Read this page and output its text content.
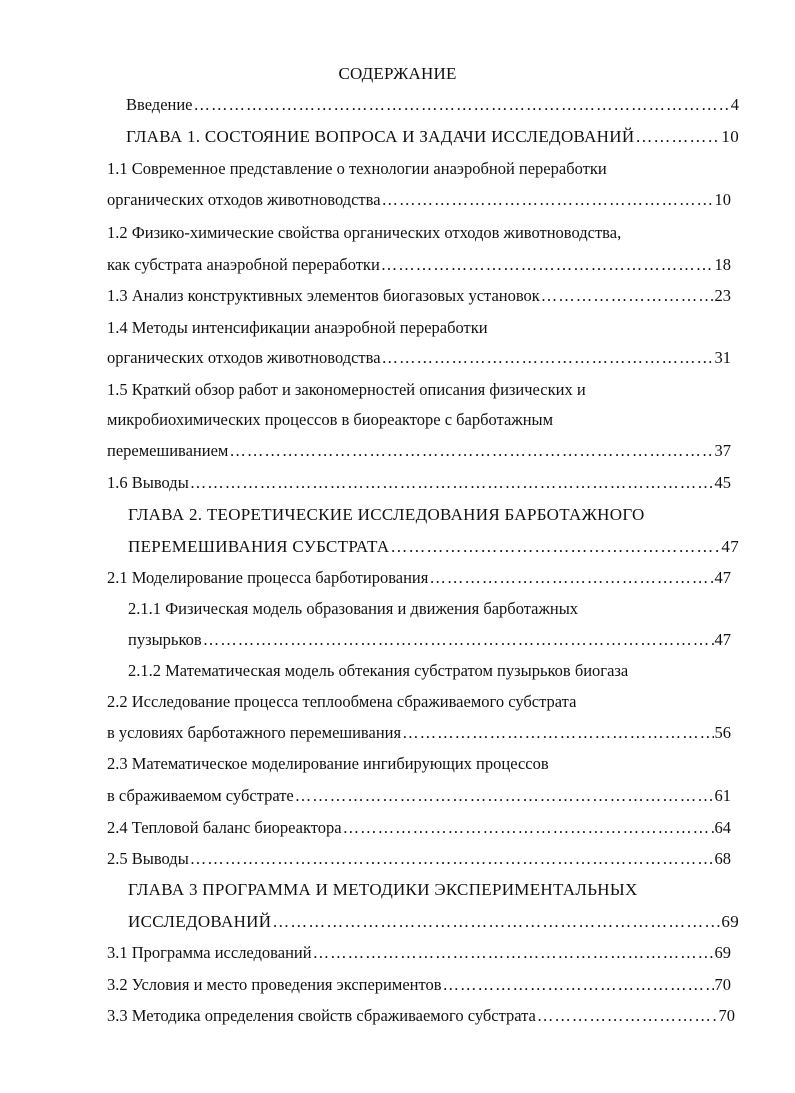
СОДЕРЖАНИЕ
Введение ……………………………………………………………………………………………………………………………………………………………………………………	4
ГЛАВА 1. СОСТОЯНИЕ ВОПРОСА И ЗАДАЧИ ИССЛЕДОВАНИЙ ……………………………………………………………………………………………………………………………………………………………………………………	10
1.1 Современное представление о технологии анаэробной переработки
органических отходов животноводства ……………………………………………………………………………………………………………………………………………………………………………………	10
1.2 Физико-химические свойства органических отходов животноводства,
как субстрата анаэробной переработки ……………………………………………………………………………………………………………………………………………………………………………………	18
1.3 Анализ конструктивных элементов биогазовых установок ……………………………………………………………………………………………………………………………………………………………………………………	23
1.4 Методы интенсификации анаэробной переработки
органических отходов животноводства ……………………………………………………………………………………………………………………………………………………………………………………	31
1.5 Краткий обзор работ и закономерностей описания физических и
микробиохимических процессов в биореакторе с барботажным
перемешиванием ……………………………………………………………………………………………………………………………………………………………………………………	37
1.6 Выводы ……………………………………………………………………………………………………………………………………………………………………………………	45
ГЛАВА 2. ТЕОРЕТИЧЕСКИЕ ИССЛЕДОВАНИЯ БАРБОТАЖНОГО
ПЕРЕМЕШИВАНИЯ СУБСТРАТА ……………………………………………………………………………………………………………………………………………………………………………………	47
2.1 Моделирование процесса барботирования ……………………………………………………………………………………………………………………………………………………………………………………	47
2.1.1 Физическая модель образования и движения барботажных
пузырьков ……………………………………………………………………………………………………………………………………………………………………………………	47
2.1.2 Математическая модель обтекания субстратом пузырьков биогаза
2.2 Исследование процесса теплообмена сбраживаемого субстрата
в условиях барботажного перемешивания ……………………………………………………………………………………………………………………………………………………………………………………	56
2.3 Математическое моделирование ингибирующих процессов
в сбраживаемом субстрате ……………………………………………………………………………………………………………………………………………………………………………………	61
2.4 Тепловой баланс биореактора ……………………………………………………………………………………………………………………………………………………………………………………	64
2.5 Выводы ……………………………………………………………………………………………………………………………………………………………………………………	68
ГЛАВА 3 ПРОГРАММА И МЕТОДИКИ ЭКСПЕРИМЕНТАЛЬНЫХ
ИССЛЕДОВАНИЙ ……………………………………………………………………………………………………………………………………………………………………………………	69
3.1 Программа исследований ……………………………………………………………………………………………………………………………………………………………………………………	69
3.2 Условия и место проведения экспериментов ……………………………………………………………………………………………………………………………………………………………………………………	70
3.3 Методика определения свойств сбраживаемого субстрата ……………………………………………………………………………………………………………………………………………………………………………………	70
